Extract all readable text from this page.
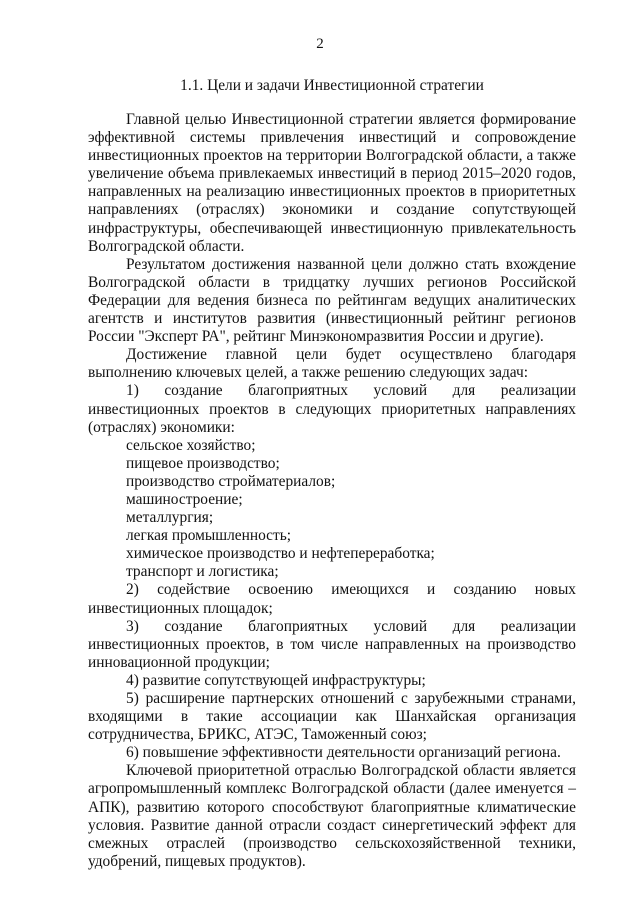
2
1.1. Цели и задачи Инвестиционной стратегии

Главной целью Инвестиционной стратегии является формирование эффективной системы привлечения инвестиций и сопровождение инвестиционных проектов на территории Волгоградской области, а также увеличение объема привлекаемых инвестиций в период 2015–2020 годов, направленных на реализацию инвестиционных проектов в приоритетных направлениях (отраслях) экономики и создание сопутствующей инфраструктуры, обеспечивающей инвестиционную привлекательность Волгоградской области.

Результатом достижения названной цели должно стать вхождение Волгоградской области в тридцатку лучших регионов Российской Федерации для ведения бизнеса по рейтингам ведущих аналитических агентств и институтов развития (инвестиционный рейтинг регионов России "Эксперт РА", рейтинг Минэкономразвития России и другие).

Достижение главной цели будет осуществлено благодаря выполнению ключевых целей, а также решению следующих задач:

1) создание благоприятных условий для реализации инвестиционных проектов в следующих приоритетных направлениях (отраслях) экономики:

сельское хозяйство;

пищевое производство;

производство стройматериалов;

машиностроение;

металлургия;

легкая промышленность;

химическое производство и нефтепереработка;

транспорт и логистика;

2) содействие освоению имеющихся и созданию новых инвестиционных площадок;

3) создание благоприятных условий для реализации инвестиционных проектов, в том числе направленных на производство инновационной продукции;

4) развитие сопутствующей инфраструктуры;

5) расширение партнерских отношений с зарубежными странами, входящими в такие ассоциации как Шанхайская организация сотрудничества, БРИКС, АТЭС, Таможенный союз;

6) повышение эффективности деятельности организаций региона.

Ключевой приоритетной отраслью Волгоградской области является агропромышленный комплекс Волгоградской области (далее именуется – АПК), развитию которого способствуют благоприятные климатические условия. Развитие данной отрасли создаст синергетический эффект для смежных отраслей (производство сельскохозяйственной техники, удобрений, пищевых продуктов).
